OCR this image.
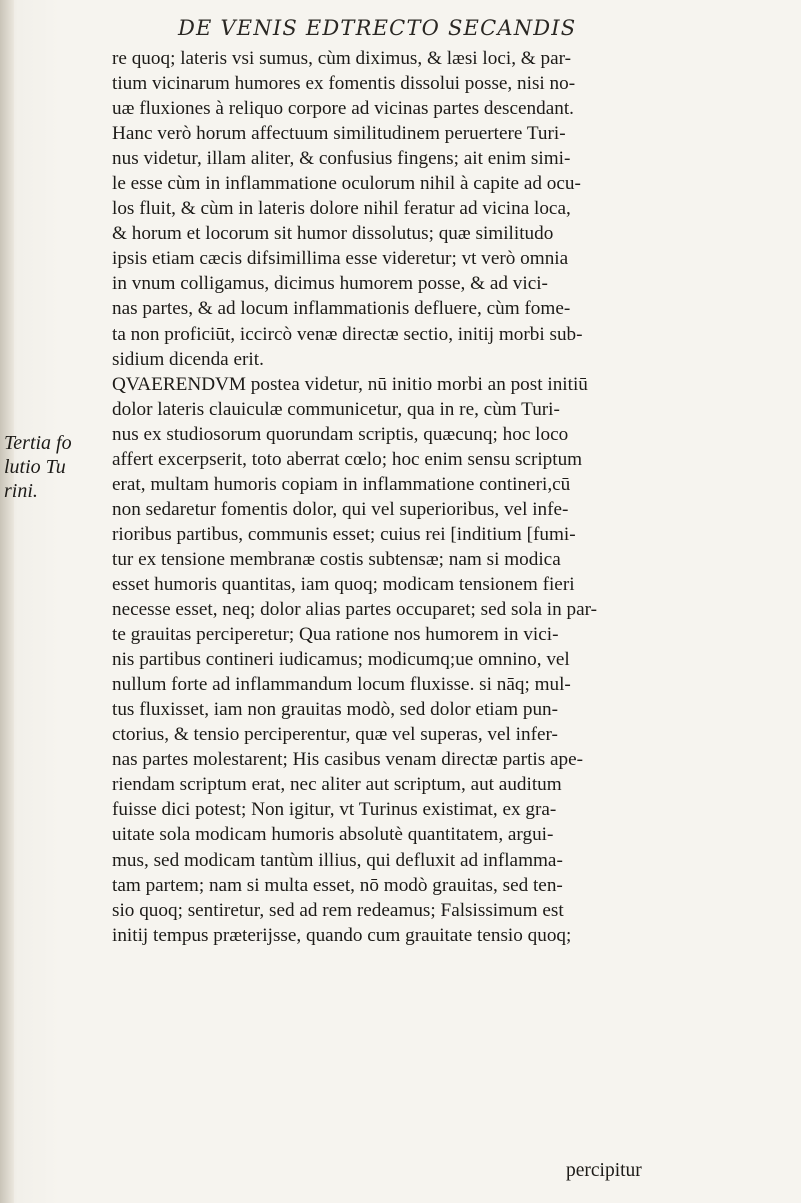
DE VENIS EDTRECTO SECANDIS
Tertia fo
lutio Tu
rini.
re quoq; lateris vsi sumus, cùm diximus, & læsi loci, & par-
tium vicinarum humores ex fomentis dissolui posse, nisi no-
uæ fluxiones à reliquo corpore ad vicinas partes descendant.
Hanc verò horum affectuum similitudinem peruertere Turi-
nus videtur, illam aliter, & confusius fingens; ait enim simi-
le esse cùm in inflammatione oculorum nihil à capite ad ocu-
los fluit, & cùm in lateris dolore nihil feratur ad vicina loca,
& horum et locorum sit humor dissolutus; quæ similitudo
ipsis etiam cæcis difsimillima esse videretur; vt verò omnia
in vnum colligamus, dicimus humorem posse, & ad vici-
nas partes, & ad locum inflammationis defluere, cùm fome-
ta non proficiūt, iccircò venæ directæ sectio, initij morbi sub-
sidium dicenda erit.
QVAERENDVM postea videtur, nū initio morbi an post initiū
dolor lateris clauiculæ communicetur, qua in re, cùm Turi-
nus ex studiosorum quorundam scriptis, quæcunq; hoc loco
affert excerpserit, toto aberrat cœlo; hoc enim sensu scriptum
erat, multam humoris copiam in inflammatione contineri,cū
non sedaretur fomentis dolor, qui vel superioribus, vel infe-
rioribus partibus, communis esset; cuius rei [inditium [fumi-
tur ex tensione membranæ costis subtensæ; nam si modica
esset humoris quantitas, iam quoq; modicam tensionem fieri
necesse esset, neq; dolor alias partes occuparet; sed sola in par-
te grauitas perciperetur; Qua ratione nos humorem in vici-
nis partibus contineri iudicamus; modicumq;ue omnino, vel
nullum forte ad inflammandum locum fluxisse. si nāq; mul-
tus fluxisset, iam non grauitas modò, sed dolor etiam pun-
ctorius, & tensio perciperentur, quæ vel superas, vel infer-
nas partes molestarent; His casibus venam directæ partis ape-
riendam scriptum erat, nec aliter aut scriptum, aut auditum
fuisse dici potest; Non igitur, vt Turinus existimat, ex gra-
uitate sola modicam humoris absolutè quantitatem, argui-
mus, sed modicam tantùm illius, qui defluxit ad inflamma-
tam partem; nam si multa esset, nō modò grauitas, sed ten-
sio quoq; sentiretur, sed ad rem redeamus; Falsissimum est
initij tempus præterijsse, quando cum grauitate tensio quoq;
percipitur
